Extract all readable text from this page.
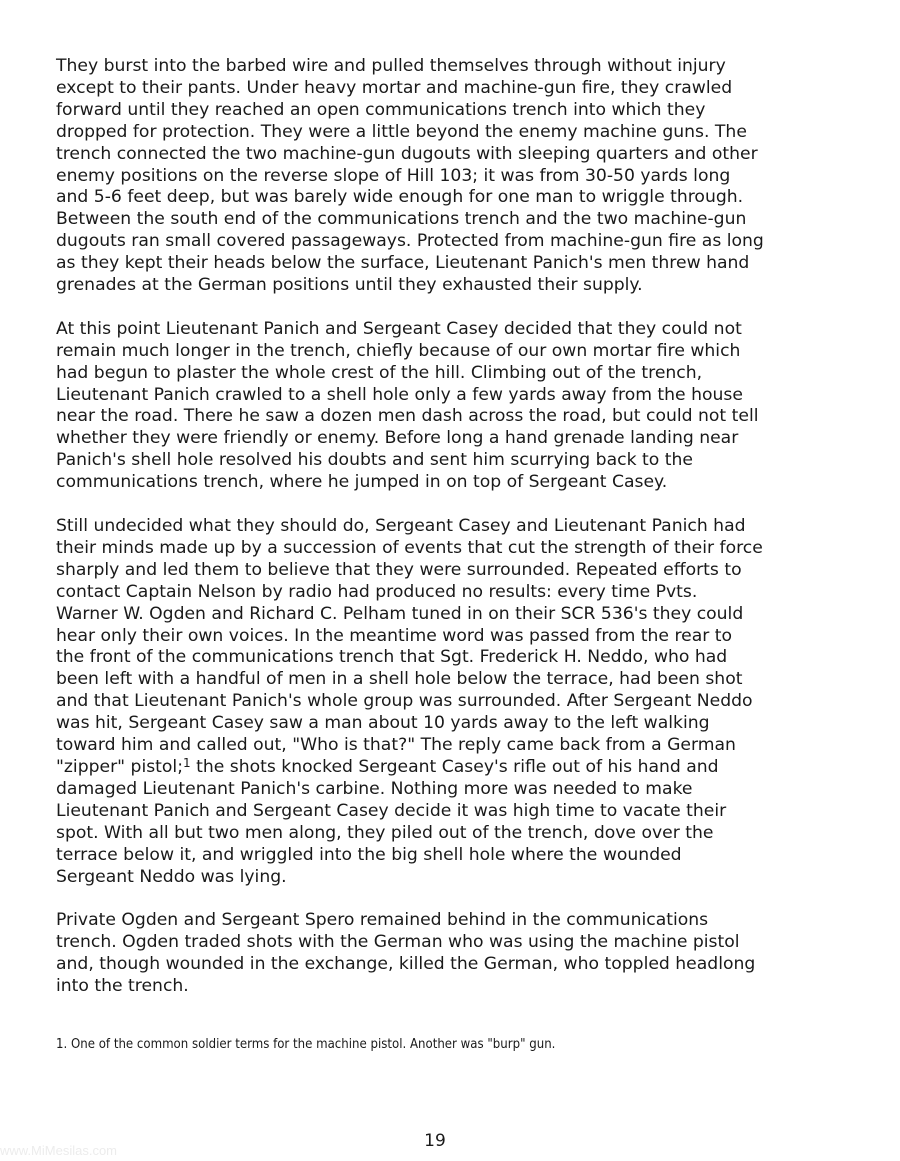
They burst into the barbed wire and pulled themselves through without injury
except to their pants. Under heavy mortar and machine-gun fire, they crawled
forward until they reached an open communications trench into which they
dropped for protection. They were a little beyond the enemy machine guns. The
trench connected the two machine-gun dugouts with sleeping quarters and other
enemy positions on the reverse slope of Hill 103; it was from 30-50 yards long
and 5-6 feet deep, but was barely wide enough for one man to wriggle through.
Between the south end of the communications trench and the two machine-gun
dugouts ran small covered passageways. Protected from machine-gun fire as long
as they kept their heads below the surface, Lieutenant Panich's men threw hand
grenades at the German positions until they exhausted their supply.

At this point Lieutenant Panich and Sergeant Casey decided that they could not
remain much longer in the trench, chiefly because of our own mortar fire which
had begun to plaster the whole crest of the hill. Climbing out of the trench,
Lieutenant Panich crawled to a shell hole only a few yards away from the house
near the road. There he saw a dozen men dash across the road, but could not tell
whether they were friendly or enemy. Before long a hand grenade landing near
Panich's shell hole resolved his doubts and sent him scurrying back to the
communications trench, where he jumped in on top of Sergeant Casey.

Still undecided what they should do, Sergeant Casey and Lieutenant Panich had
their minds made up by a succession of events that cut the strength of their force
sharply and led them to believe that they were surrounded. Repeated efforts to
contact Captain Nelson by radio had produced no results: every time Pvts.
Warner W. Ogden and Richard C. Pelham tuned in on their SCR 536's they could
hear only their own voices. In the meantime word was passed from the rear to
the front of the communications trench that Sgt. Frederick H. Neddo, who had
been left with a handful of men in a shell hole below the terrace, had been shot
and that Lieutenant Panich's whole group was surrounded. After Sergeant Neddo
was hit, Sergeant Casey saw a man about 10 yards away to the left walking
toward him and called out, "Who is that?" The reply came back from a German
"zipper" pistol;$^1$ the shots knocked Sergeant Casey's rifle out of his hand and
damaged Lieutenant Panich's carbine. Nothing more was needed to make
Lieutenant Panich and Sergeant Casey decide it was high time to vacate their
spot. With all but two men along, they piled out of the trench, dove over the
terrace below it, and wriggled into the big shell hole where the wounded
Sergeant Neddo was lying.

Private Ogden and Sergeant Spero remained behind in the communications
trench. Ogden traded shots with the German who was using the machine pistol
and, though wounded in the exchange, killed the German, who toppled headlong
into the trench.

1. One of the common soldier terms for the machine pistol. Another was "burp" gun.
19
www.MiMesilas.com
